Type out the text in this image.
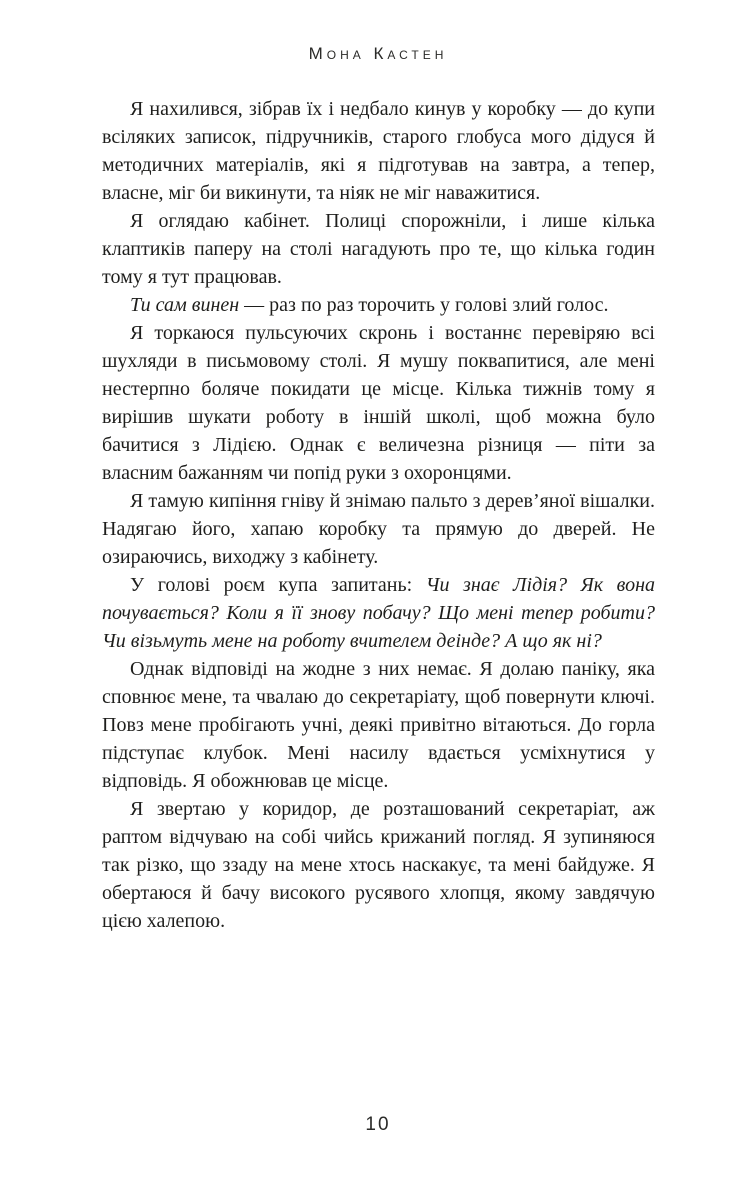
Мона Кастен

Я нахилився, зібрав їх і недбало кинув у коробку — до купи всіляких записок, підручників, старого глобуса мого дідуся й методичних матеріалів, які я підготував на завтра, а тепер, власне, міг би викинути, та ніяк не міг наважитися.

Я оглядаю кабінет. Полиці спорожніли, і лише кілька клаптиків паперу на столі нагадують про те, що кілька годин тому я тут працював.

Ти сам винен — раз по раз торочить у голові злий голос.

Я торкаюся пульсуючих скронь і востаннє перевіряю всі шухляди в письмовому столі. Я мушу поквапитися, але мені нестерпно боляче покидати це місце. Кілька тижнів тому я вирішив шукати роботу в іншій школі, щоб можна було бачитися з Лідією. Однак є величезна різниця — піти за власним бажанням чи попід руки з охоронцями.

Я тамую кипіння гніву й знімаю пальто з дерев’яної вішалки. Надягаю його, хапаю коробку та прямую до дверей. Не озираючись, виходжу з кабінету.

У голові роєм купа запитань: Чи знає Лідія? Як вона почувається? Коли я її знову побачу? Що мені тепер робити? Чи візьмуть мене на роботу вчителем деінде? А що як ні?

Однак відповіді на жодне з них немає. Я долаю паніку, яка сповнює мене, та чвалаю до секретаріату, щоб повернути ключі. Повз мене пробігають учні, деякі привітно вітаються. До горла підступає клубок. Мені насилу вдається усміхнутися у відповідь. Я обожнював це місце.

Я звертаю у коридор, де розташований секретаріат, аж раптом відчуваю на собі чийсь крижаний погляд. Я зупиняюся так різко, що ззаду на мене хтось наскакує, та мені байдуже. Я обертаюся й бачу високого русявого хлопця, якому завдячую цією халепою.

10
